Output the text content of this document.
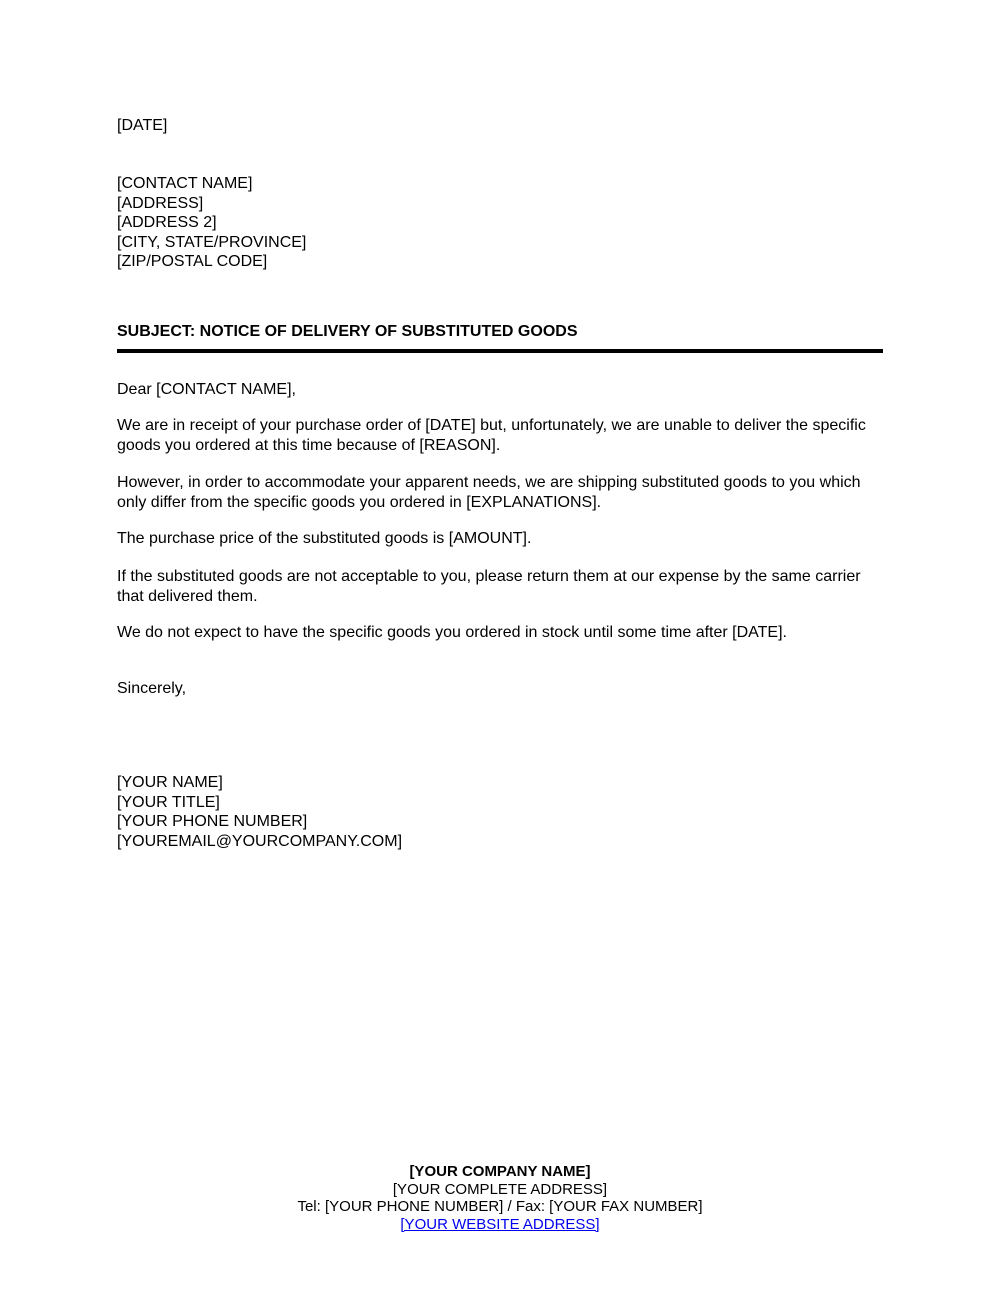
[DATE]
[CONTACT NAME]
[ADDRESS]
[ADDRESS 2]
[CITY, STATE/PROVINCE]
[ZIP/POSTAL CODE]
SUBJECT: NOTICE OF DELIVERY OF SUBSTITUTED GOODS
Dear [CONTACT NAME],
We are in receipt of your purchase order of [DATE] but, unfortunately, we are unable to deliver the specific goods you ordered at this time because of [REASON].
However, in order to accommodate your apparent needs, we are shipping substituted goods to you which only differ from the specific goods you ordered in [EXPLANATIONS].
The purchase price of the substituted goods is [AMOUNT].
If the substituted goods are not acceptable to you, please return them at our expense by the same carrier that delivered them.
We do not expect to have the specific goods you ordered in stock until some time after [DATE].
Sincerely,
[YOUR NAME]
[YOUR TITLE]
[YOUR PHONE NUMBER]
[YOUREMAIL@YOURCOMPANY.COM]
[YOUR COMPANY NAME]
[YOUR COMPLETE ADDRESS]
Tel: [YOUR PHONE NUMBER] / Fax: [YOUR FAX NUMBER]
[YOUR WEBSITE ADDRESS]
